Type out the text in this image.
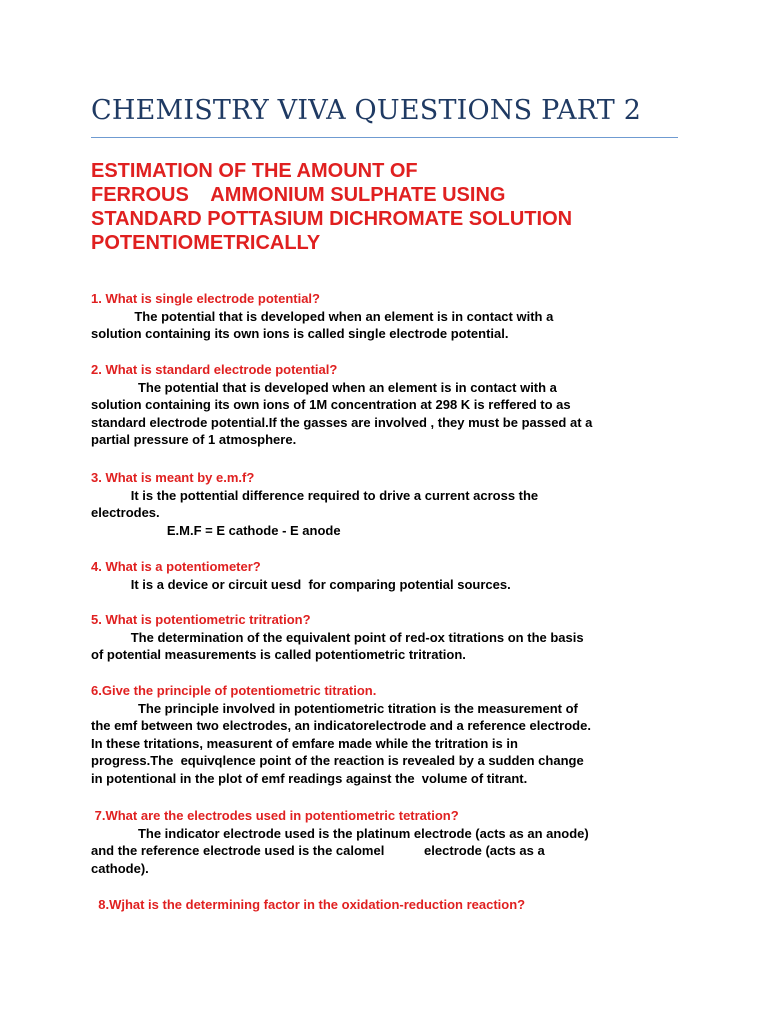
CHEMISTRY VIVA QUESTIONS PART 2
ESTIMATION OF THE AMOUNT OF
FERROUS    AMMONIUM SULPHATE USING
STANDARD POTTASIUM DICHROMATE SOLUTION
POTENTIOMETRICALLY
1. What is single electrode potential?
The potential that is developed when an element is in contact with a
solution containing its own ions is called single electrode potential.
2. What is standard electrode potential?
The potential that is developed when an element is in contact with a
solution containing its own ions of 1M concentration at 298 K is reffered to as
standard electrode potential.If the gasses are involved , they must be passed at a
partial pressure of 1 atmosphere.
3. What is meant by e.m.f?
It is the pottential difference required to drive a current across the
electrodes.
E.M.F = E cathode - E anode
4. What is a potentiometer?
It is a device or circuit uesd  for comparing potential sources.
5. What is potentiometric tritration?
The determination of the equivalent point of red-ox titrations on the basis
of potential measurements is called potentiometric tritration.
6.Give the principle of potentiometric titration.
The principle involved in potentiometric titration is the measurement of
the emf between two electrodes, an indicatorelectrode and a reference electrode.
In these tritations, measurent of emfare made while the tritration is in
progress.The  equivqlence point of the reaction is revealed by a sudden change
in potentional in the plot of emf readings against the  volume of titrant.
7.What are the electrodes used in potentiometric tetration?
The indicator electrode used is the platinum electrode (acts as an anode)
and the reference electrode used is the calomel           electrode (acts as a
cathode).
8.Wjhat is the determining factor in the oxidation-reduction reaction?
